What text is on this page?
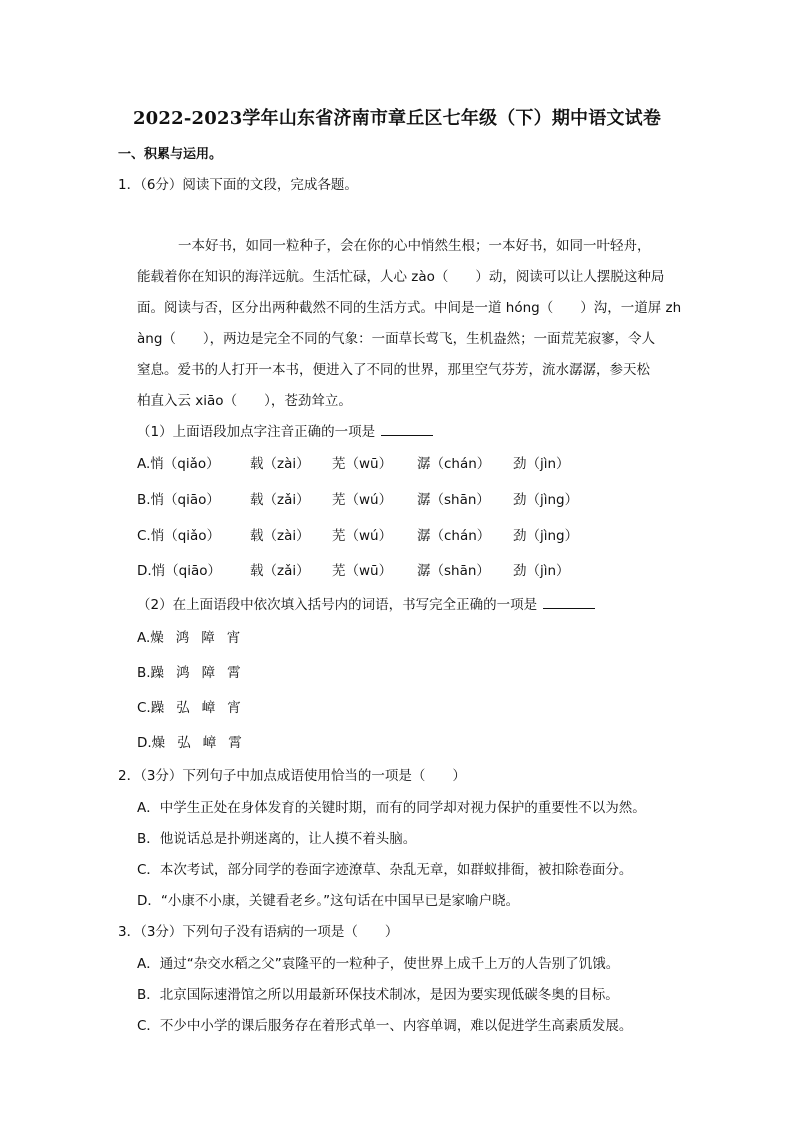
2022-2023学年山东省济南市章丘区七年级（下）期中语文试卷
一、积累与运用。
1．（6分）阅读下面的文段，完成各题。
一本好书，如同一粒种子，会在你的心中悄然生根；一本好书，如同一叶轻舟，
能载着你在知识的海洋远航。生活忙碌，人心 zào（　　）动，阅读可以让人摆脱这种局
面。阅读与否，区分出两种截然不同的生活方式。中间是一道 hóng（　　）沟，一道屏 zh
àng（　　），两边是完全不同的气象：一面草长莺飞，生机盎然；一面荒芜寂寥，令人
窒息。爱书的人打开一本书，便进入了不同的世界，那里空气芬芳，流水潺潺，参天松
柏直入云 xiāo（　　），苍劲耸立。
（1）上面语段加点字注音正确的一项是
A.悄（qiǎo） 载（zài） 芜（wū） 潺（chán） 劲（jìn）
B.悄（qiāo） 载（zǎi） 芜（wú） 潺（shān） 劲（jìng）
C.悄（qiǎo） 载（zài） 芜（wú） 潺（chán） 劲（jìng）
D.悄（qiāo） 载（zǎi） 芜（wū） 潺（shān） 劲（jìn）
（2）在上面语段中依次填入括号内的词语，书写完全正确的一项是
A.燥 鸿 障 宵
B.躁 鸿 障 霄
C.躁 弘 嶂 宵
D.燥 弘 嶂 霄
2．（3分）下列句子中加点成语使用恰当的一项是（　　）
A．中学生正处在身体发育的关键时期，而有的同学却对视力保护的重要性不以为然。
B．他说话总是扑朔迷离的，让人摸不着头脑。
C．本次考试，部分同学的卷面字迹潦草、杂乱无章，如群蚁排衙，被扣除卷面分。
D．“小康不小康，关键看老乡。”这句话在中国早已是家喻户晓。
3．（3分）下列句子没有语病的一项是（　　）
A．通过“杂交水稻之父”袁隆平的一粒种子，使世界上成千上万的人告别了饥饿。
B．北京国际速滑馆之所以用最新环保技术制冰，是因为要实现低碳冬奥的目标。
C．不少中小学的课后服务存在着形式单一、内容单调，难以促进学生高素质发展。
